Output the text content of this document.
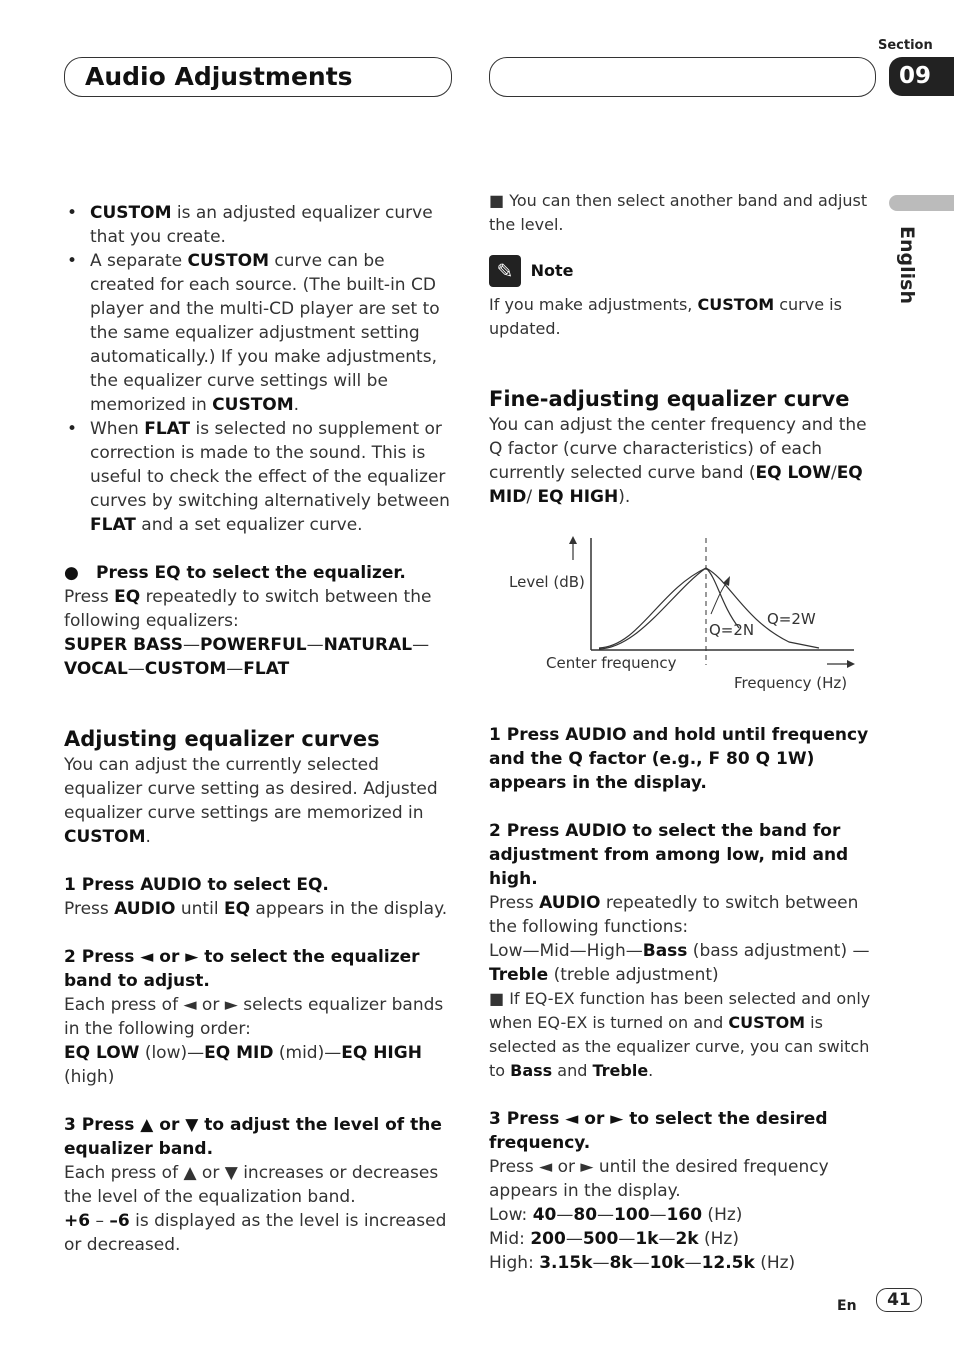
Audio Adjustments
Section
09
English

• CUSTOM is an adjusted equalizer curve that you create.

• A separate CUSTOM curve can be created for each source. (The built-in CD player and the multi-CD player are set to the same equalizer adjustment setting automatically.) If you make adjustments, the equalizer curve settings will be memorized in CUSTOM.

• When FLAT is selected no supplement or correction is made to the sound. This is useful to check the effect of the equalizer curves by switching alternatively between FLAT and a set equalizer curve.

● Press EQ to select the equalizer.

Press EQ repeatedly to switch between the following equalizers:

SUPER BASS—POWERFUL—NATURAL—
VOCAL—CUSTOM—FLAT

Adjusting equalizer curves

You can adjust the currently selected equalizer curve setting as desired. Adjusted equalizer curve settings are memorized in CUSTOM.

1 Press AUDIO to select EQ.

Press AUDIO until EQ appears in the display.

2 Press ◄ or ► to select the equalizer band to adjust.

Each press of ◄ or ► selects equalizer bands in the following order:

EQ LOW (low)—EQ MID (mid)—EQ HIGH (high)

3 Press ▲ or ▼ to adjust the level of the equalizer band.

Each press of ▲ or ▼ increases or decreases the level of the equalization band.

+6 – –6 is displayed as the level is increased or decreased.

■ You can then select another band and adjust the level.

✎ Note

If you make adjustments, CUSTOM curve is updated.

Fine-adjusting equalizer curve

You can adjust the center frequency and the Q factor (curve characteristics) of each currently selected curve band (EQ LOW/EQ MID/ EQ HIGH).

Level (dB)
Q=2N
Q=2W
Center frequency
Frequency (Hz)

1 Press AUDIO and hold until frequency and the Q factor (e.g., F 80 Q 1W) appears in the display.

2 Press AUDIO to select the band for adjustment from among low, mid and high.

Press AUDIO repeatedly to switch between the following functions:

Low—Mid—High—Bass (bass adjustment) —Treble (treble adjustment)

■ If EQ-EX function has been selected and only when EQ-EX is turned on and CUSTOM is selected as the equalizer curve, you can switch to Bass and Treble.

3 Press ◄ or ► to select the desired frequency.

Press ◄ or ► until the desired frequency appears in the display.

Low: 40—80—100—160 (Hz)

Mid: 200—500—1k—2k (Hz)

High: 3.15k—8k—10k—12.5k (Hz)

En	41
